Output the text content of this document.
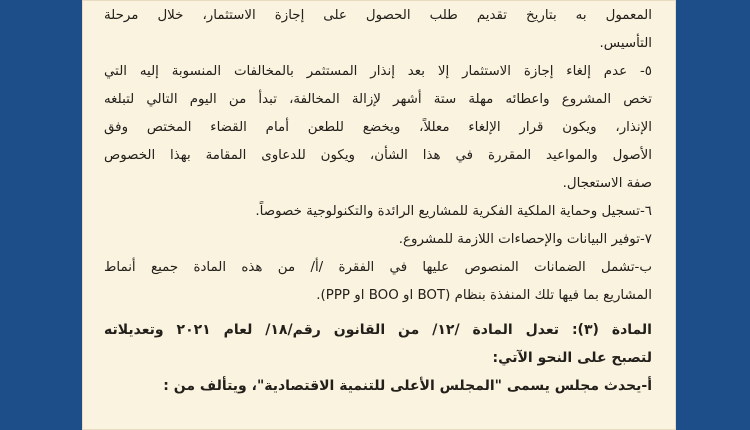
المعمول به بتاريخ تقديم طلب الحصول على إجازة الاستثمار، خلال مرحلة

التأسيس.

٥- عدم إلغاء إجازة الاستثمار إلا بعد إنذار المستثمر بالمخالفات المنسوبة إليه التي

تخص المشروع واعطائه مهلة ستة أشهر لإزالة المخالفة، تبدأ من اليوم التالي لتبلغه

الإنذار، ويكون قرار الإلغاء معللاً، ويخضع للطعن أمام القضاء المختص وفق

الأصول والمواعيد المقررة في هذا الشأن، ويكون للدعاوى المقامة بهذا الخصوص

صفة الاستعجال.

٦-تسجيل وحماية الملكية الفكرية للمشاريع الرائدة والتكنولوجية خصوصاً.

٧-توفير البيانات والإحصاءات اللازمة للمشروع.

ب-تشمل الضمانات المنصوص عليها في الفقرة /أ/ من هذه المادة جميع أنماط

المشاريع بما فيها تلك المنفذة بنظام (BOT او BOO او PPP).

المادة (٣): تعدل المادة /١٢/ من القانون رقم/١٨/ لعام ٢٠٢١ وتعديلاته

لتصبح على النحو الآتي:

أ-يحدث مجلس يسمى "المجلس الأعلى للتنمية الاقتصادية"، ويتألف من :
